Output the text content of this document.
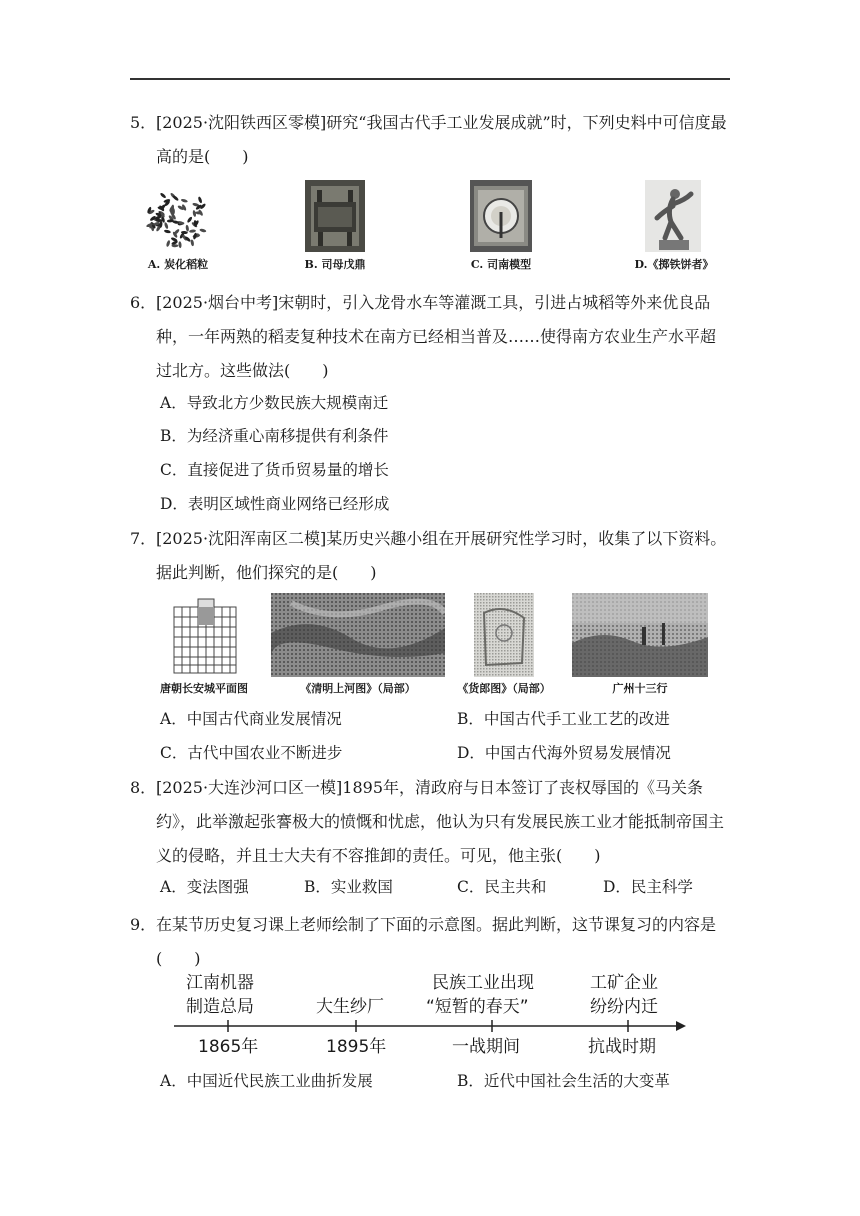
5． [2025·沈阳铁西区零模]研究“我国古代手工业发展成就”时，下列史料中可信度最高的是(　　)
A. 炭化稻粒	B. 司母戊鼎	C. 司南模型	D.《掷铁饼者》
6． [2025·烟台中考]宋朝时，引入龙骨水车等灌溉工具，引进占城稻等外来优良品种，一年两熟的稻麦复种技术在南方已经相当普及……使得南方农业生产水平超过北方。这些做法(　　)
A．导致北方少数民族大规模南迁
B．为经济重心南移提供有利条件
C．直接促进了货币贸易量的增长
D．表明区域性商业网络已经形成
7． [2025·沈阳浑南区二模]某历史兴趣小组在开展研究性学习时，收集了以下资料。据此判断，他们探究的是(　　)
唐朝长安城平面图	《清明上河图》（局部）	《货郎图》（局部）	广州十三行
A．中国古代商业发展情况	B．中国古代手工业工艺的改进
C．古代中国农业不断进步	D．中国古代海外贸易发展情况
8． [2025·大连沙河口区一模]1895年，清政府与日本签订了丧权辱国的《马关条约》，此举激起张謇极大的愤慨和忧虑，他认为只有发展民族工业才能抵制帝国主义的侵略，并且士大夫有不容推卸的责任。可见，他主张(　　)
A．变法图强	B．实业救国	C．民主共和	D．民主科学
9． 在某节历史复习课上老师绘制了下面的示意图。据此判断，这节课复习的内容是(　　)
江南机器
制造总局
1865年
大生纱厂
1895年
民族工业出现
“短暂的春天”
一战期间
工矿企业
纷纷内迁
抗战时期
A．中国近代民族工业曲折发展	B．近代中国社会生活的大变革
